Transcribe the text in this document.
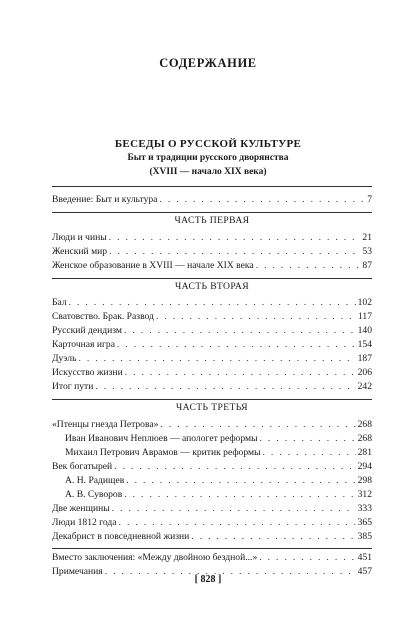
СОДЕРЖАНИЕ
БЕСЕДЫ О РУССКОЙ КУЛЬТУРЕ
Быт и традиции русского дворянства
(XVIII — начало XIX века)
Введение: Быт и культура . . .	7
ЧАСТЬ ПЕРВАЯ
Люди и чины . . .	21
Женский мир . . .	53
Женское образование в XVIII — начале XIX века . . .	87
ЧАСТЬ ВТОРАЯ
Бал . . .	102
Сватовство. Брак. Развод . . .	117
Русский дендизм . . .	140
Карточная игра . . .	154
Дуэль . . .	187
Искусство жизни . . .	206
Итог пути . . .	242
ЧАСТЬ ТРЕТЬЯ
«Птенцы гнезда Петрова» . . .	268
Иван Иванович Неплюев — апологет реформы . . .	268
Михаил Петрович Аврамов — критик реформы . . .	281
Век богатырей . . .	294
А. Н. Радищев . . .	298
А. В. Суворов . . .	312
Две женщины . . .	333
Люди 1812 года . . .	365
Декабрист в повседневной жизни . . .	385
Вместо заключения: «Между двойною бездной...» . . .	451
Примечания . . .	457
[ 828 ]
